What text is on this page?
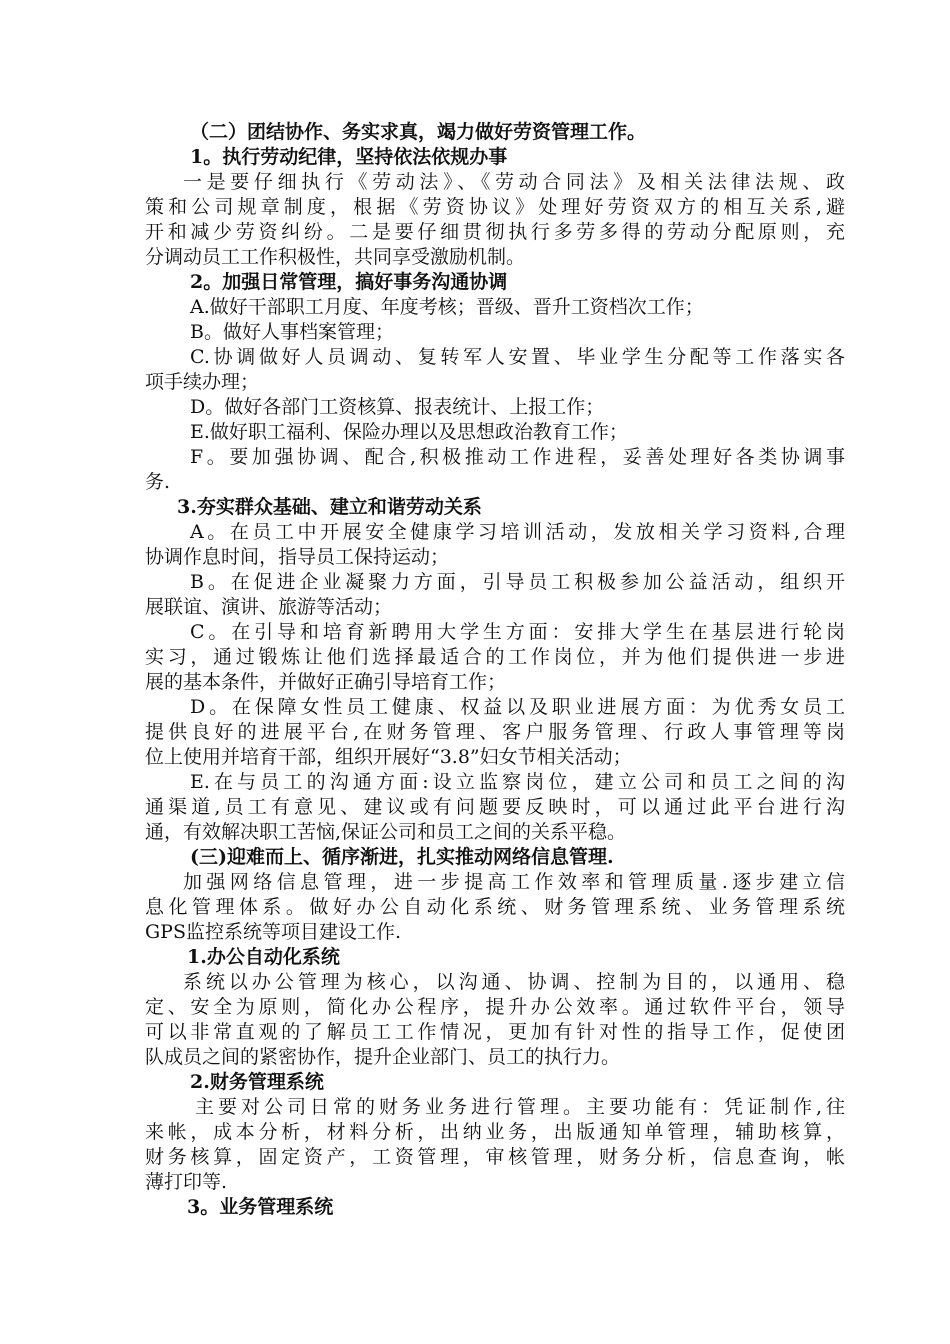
（二）团结协作、务实求真，竭力做好劳资管理工作。
1。执行劳动纪律，坚持依法依规办事
一是要仔细执行《劳动法》、《劳动合同法》及相关法律法规、政
策和公司规章制度，根据《劳资协议》处理好劳资双方的相互关系,避
开和减少劳资纠纷。二是要仔细贯彻执行多劳多得的劳动分配原则，充
分调动员工工作积极性，共同享受激励机制。
2。加强日常管理，搞好事务沟通协调
A.做好干部职工月度、年度考核；晋级、晋升工资档次工作；
B。做好人事档案管理；
C.协调做好人员调动、复转军人安置、毕业学生分配等工作落实各
项手续办理；
D。做好各部门工资核算、报表统计、上报工作；
E.做好职工福利、保险办理以及思想政治教育工作；
F。要加强协调、配合,积极推动工作进程，妥善处理好各类协调事
务.
3.夯实群众基础、建立和谐劳动关系
A。在员工中开展安全健康学习培训活动，发放相关学习资料,合理
协调作息时间，指导员工保持运动；
B。在促进企业凝聚力方面，引导员工积极参加公益活动，组织开
展联谊、演讲、旅游等活动；
C。在引导和培育新聘用大学生方面：安排大学生在基层进行轮岗
实习，通过锻炼让他们选择最适合的工作岗位，并为他们提供进一步进
展的基本条件，并做好正确引导培育工作；
D。在保障女性员工健康、权益以及职业进展方面：为优秀女员工
提供良好的进展平台,在财务管理、客户服务管理、行政人事管理等岗
位上使用并培育干部，组织开展好“3.8”妇女节相关活动；
E.在与员工的沟通方面:设立监察岗位，建立公司和员工之间的沟
通渠道,员工有意见、建议或有问题要反映时，可以通过此平台进行沟
通，有效解决职工苦恼,保证公司和员工之间的关系平稳。
(三)迎难而上、循序渐进，扎实推动网络信息管理.
加强网络信息管理，进一步提高工作效率和管理质量.逐步建立信
息化管理体系。做好办公自动化系统、财务管理系统、业务管理系统
GPS监控系统等项目建设工作.
1.办公自动化系统
系统以办公管理为核心，以沟通、协调、控制为目的，以通用、稳
定、安全为原则，简化办公程序，提升办公效率。通过软件平台，领导
可以非常直观的了解员工工作情况，更加有针对性的指导工作，促使团
队成员之间的紧密协作，提升企业部门、员工的执行力。
2.财务管理系统
主要对公司日常的财务业务进行管理。主要功能有：凭证制作,往
来帐，成本分析，材料分析，出纳业务，出版通知单管理，辅助核算，
财务核算，固定资产，工资管理，审核管理，财务分析，信息查询，帐
薄打印等.
3。业务管理系统
